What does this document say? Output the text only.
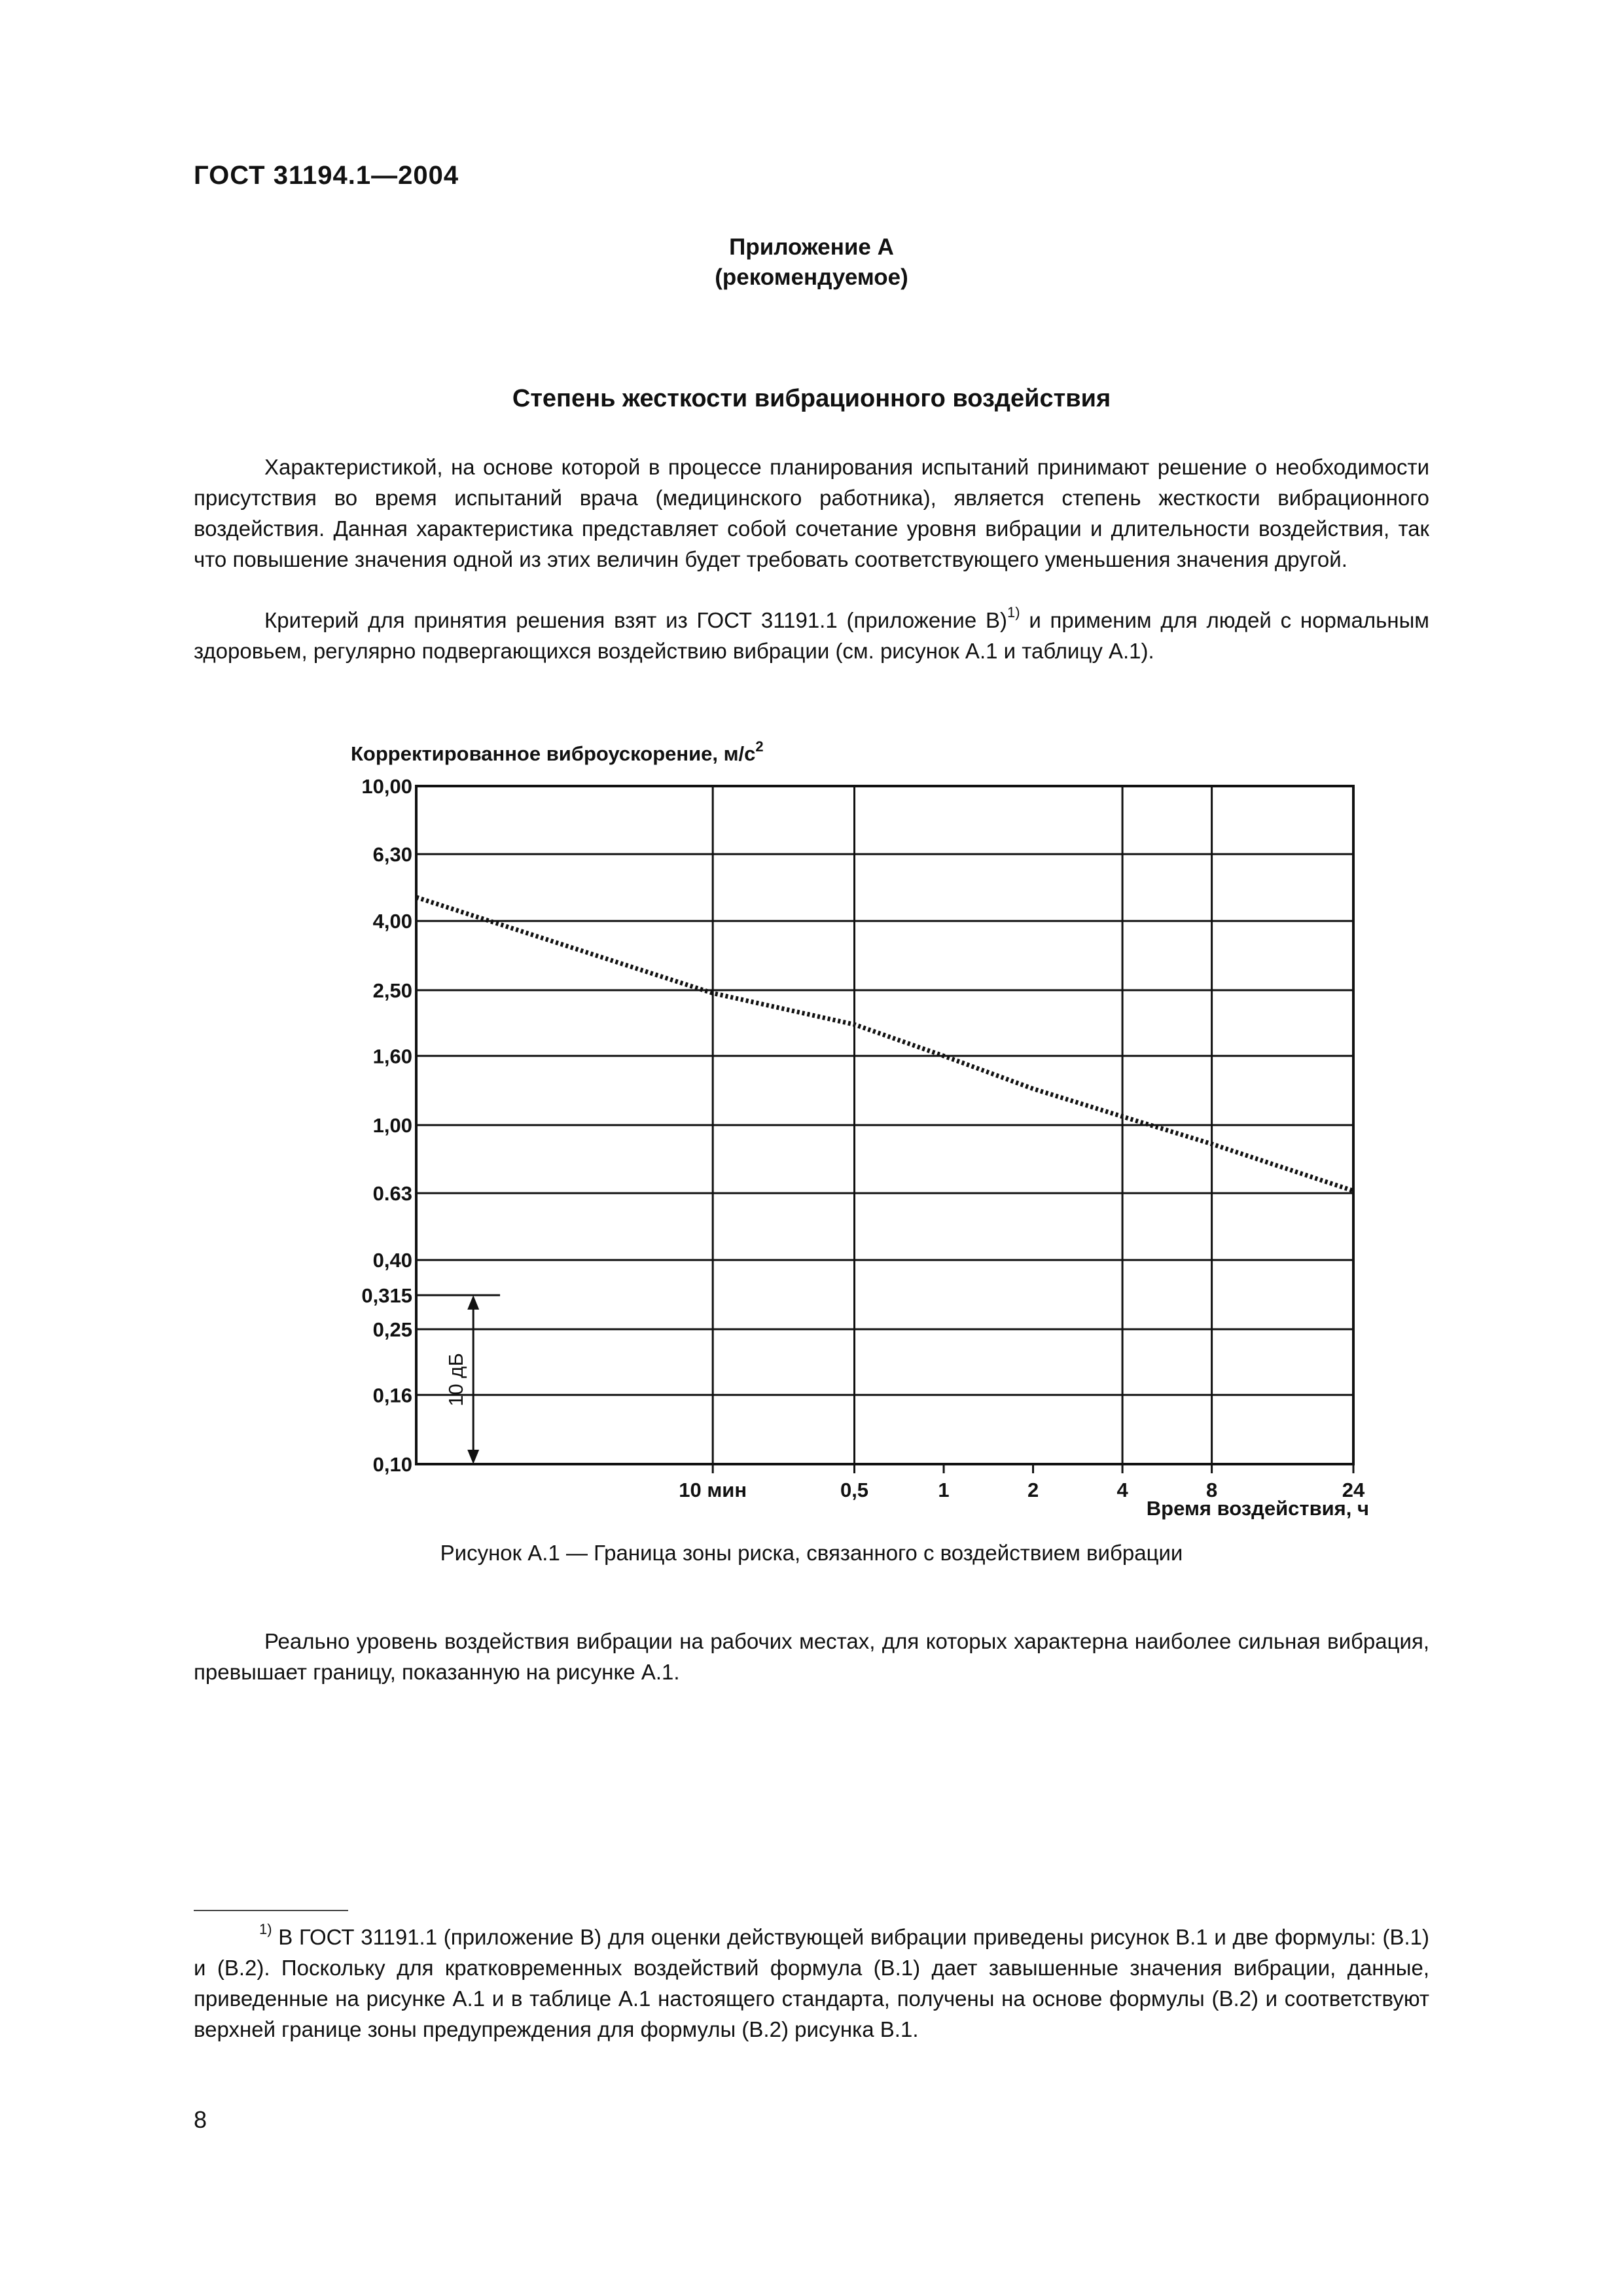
ГОСТ 31194.1—2004
Приложение А
(рекомендуемое)
Степень жесткости вибрационного воздействия
Характеристикой, на основе которой в процессе планирования испытаний принимают решение о необходимости присутствия во время испытаний врача (медицинского работника), является степень жесткости вибрационного воздействия. Данная характеристика представляет собой сочетание уровня вибрации и длительности воздействия, так что повышение значения одной из этих величин будет требовать соответствующего уменьшения значения другой.
Критерий для принятия решения взят из ГОСТ 31191.1 (приложение В)$^{1)}$ и применим для людей с нормальным здоровьем, регулярно подвергающихся воздействию вибрации (см. рисунок А.1 и таблицу А.1).
Корректированное виброускорение, $м/с^2$
10,00
6,30
4,00
2,50
1,60
1,00
0.63
0,40
0,315
0,25
0,16
0,10
10 мин	0,5	1	2	4	8	24
10 дБ
Время воздействия, ч
Рисунок А.1 — Граница зоны риска, связанного с воздействием вибрации
Реально уровень воздействия вибрации на рабочих местах, для которых характерна наиболее сильная вибрация, превышает границу, показанную на рисунке А.1.
$^{1)}$ В ГОСТ 31191.1 (приложение В) для оценки действующей вибрации приведены рисунок В.1 и две формулы: (В.1) и (В.2). Поскольку для кратковременных воздействий формула (В.1) дает завышенные значения вибрации, данные, приведенные на рисунке А.1 и в таблице А.1 настоящего стандарта, получены на основе формулы (В.2) и соответствуют верхней границе зоны предупреждения для формулы (В.2) рисунка В.1.
8
